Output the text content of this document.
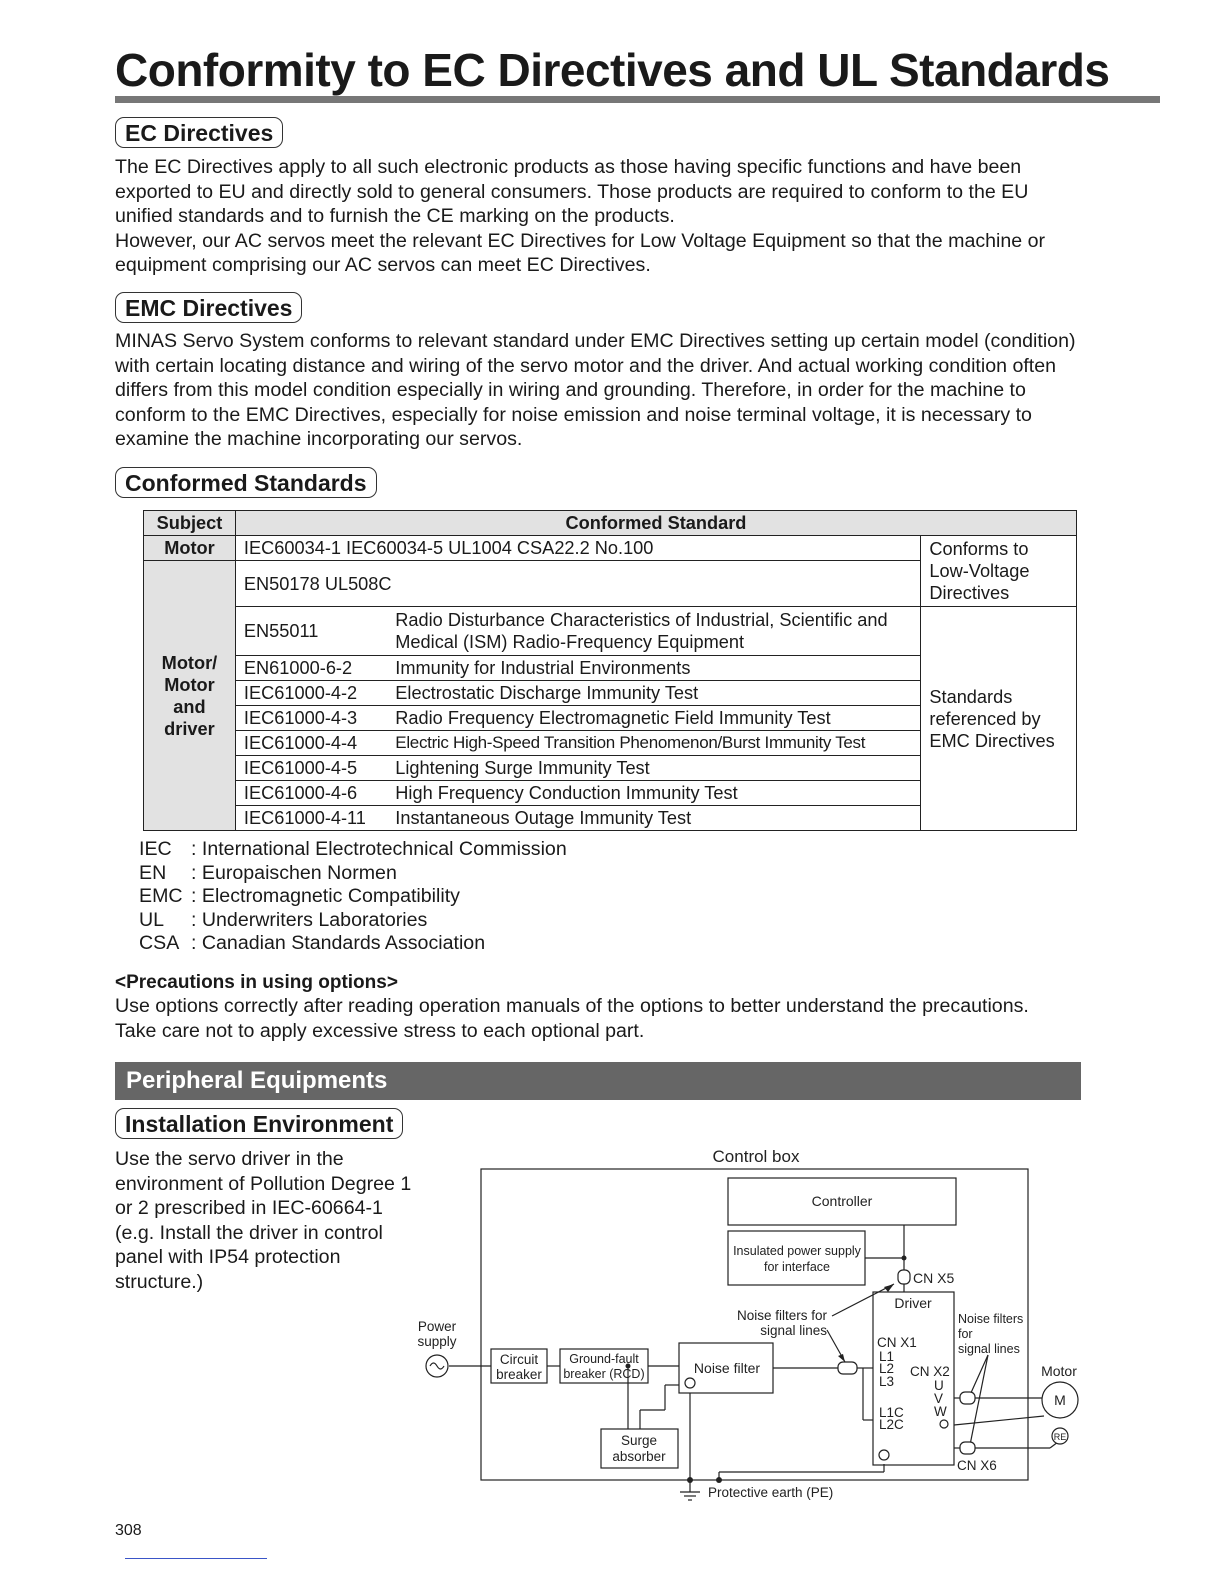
Conformity to EC Directives and UL Standards
EC Directives

The EC Directives apply to all such electronic products as those having specific functions and have been exported to EU and directly sold to general consumers. Those products are required to conform to the EU unified standards and to furnish the CE marking on the products.

However, our AC servos meet the relevant EC Directives for Low Voltage Equipment so that the machine or equipment comprising our AC servos can meet EC Directives.

EMC Directives

MINAS Servo System conforms to relevant standard under EMC Directives setting up certain model (condition) with certain locating distance and wiring of the servo motor and the driver. And actual working condition often differs from this model condition especially in wiring and grounding. Therefore, in order for the machine to conform to the EMC Directives, especially for noise emission and noise terminal voltage, it is necessary to examine the machine incorporating our servos.

Conformed Standards
Subject	Conformed Standard		
Motor	IEC60034-1 IEC60034-5 UL1004 CSA22.2 No.100		Conforms to Low-Voltage Directives
Motor/
Motor
and
driver	EN50178 UL508C		
	EN55011	Radio Disturbance Characteristics of Industrial, Scientific and Medical (ISM) Radio-Frequency Equipment	Standards referenced by EMC Directives
	EN61000-6-2	Immunity for Industrial Environments	
	IEC61000-4-2	Electrostatic Discharge Immunity Test	
	IEC61000-4-3	Radio Frequency Electromagnetic Field Immunity Test	
	IEC61000-4-4	Electric High-Speed Transition Phenomenon/Burst Immunity Test	
	IEC61000-4-5	Lightening Surge Immunity Test	
	IEC61000-4-6	High Frequency Conduction Immunity Test	
	IEC61000-4-11	Instantaneous Outage Immunity Test	
IEC : International Electrotechnical Commission
EN	: Europaischen Normen
EMC : Electromagnetic Compatibility
UL	: Underwriters Laboratories
CSA : Canadian Standards Association
<Precautions in using options>

Use options correctly after reading operation manuals of the options to better understand the precautions.

Take care not to apply excessive stress to each optional part.

Peripheral Equipments
Installation Environment
Use the servo driver in the environment of Pollution Degree 1 or 2 prescribed in IEC-60664-1 (e.g. Install the driver in control panel with IP54 protection structure.)
Control box
Controller
Insulated power supply
for interface
CN X5
Driver
Noise filters for
signal lines
Noise filters
for
signal lines
Power
supply
Circuit
breaker
Ground-fault
breaker (RCD)	Noise filter
CN X1
L1
L2
L3
L1C
L2C
CN X2
U
V
W
Motor
M
RE
Surge
absorber
CN X6
Protective earth (PE)
308
